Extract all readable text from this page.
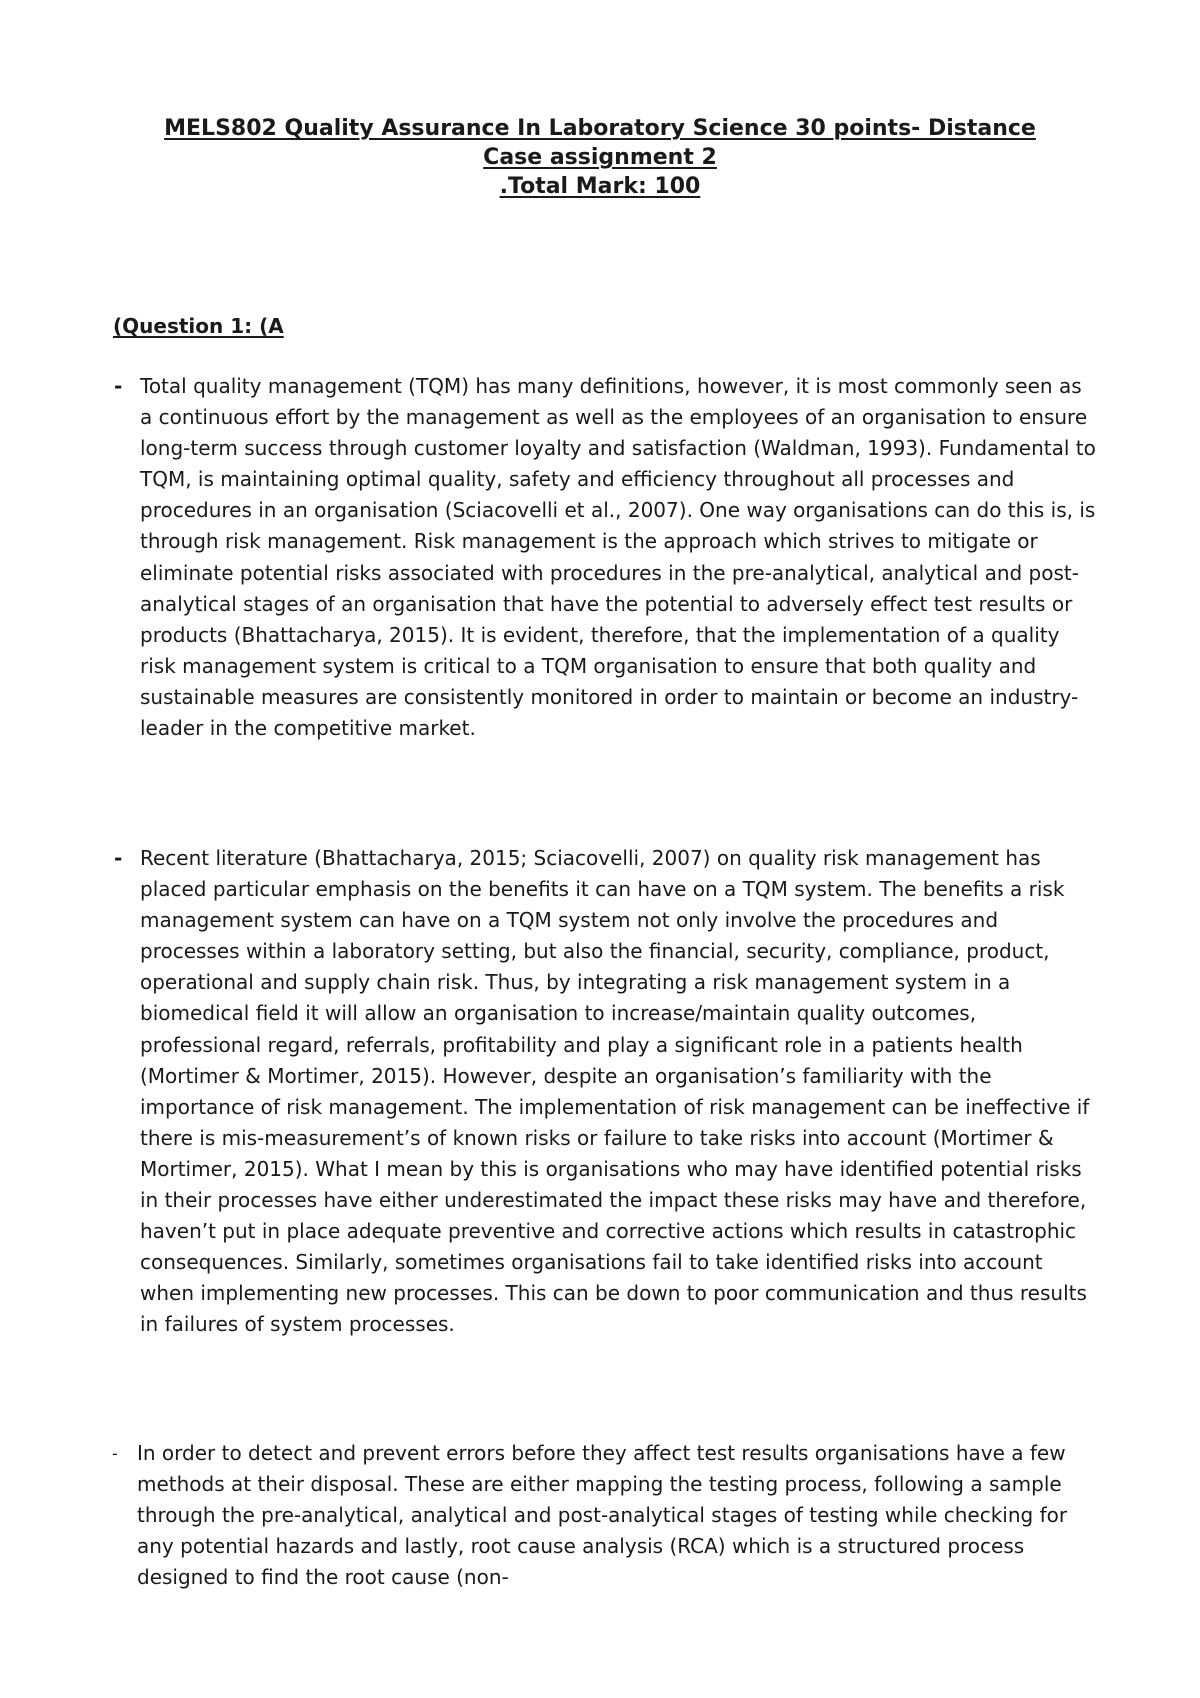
MELS802 Quality Assurance In Laboratory Science 30 points- Distance
Case assignment 2
.Total Mark: 100
(Question 1: (A
- Total quality management (TQM) has many definitions, however, it is most commonly seen as a continuous effort by the management as well as the employees of an organisation to ensure long-term success through customer loyalty and satisfaction (Waldman, 1993). Fundamental to TQM, is maintaining optimal quality, safety and efficiency throughout all processes and procedures in an organisation (Sciacovelli et al., 2007). One way organisations can do this is, is through risk management. Risk management is the approach which strives to mitigate or eliminate potential risks associated with procedures in the pre-analytical, analytical and post-analytical stages of an organisation that have the potential to adversely effect test results or products (Bhattacharya, 2015). It is evident, therefore, that the implementation of a quality risk management system is critical to a TQM organisation to ensure that both quality and sustainable measures are consistently monitored in order to maintain or become an industry-leader in the competitive market.
- Recent literature (Bhattacharya, 2015; Sciacovelli, 2007) on quality risk management has placed particular emphasis on the benefits it can have on a TQM system. The benefits a risk management system can have on a TQM system not only involve the procedures and processes within a laboratory setting, but also the financial, security, compliance, product, operational and supply chain risk. Thus, by integrating a risk management system in a biomedical field it will allow an organisation to increase/maintain quality outcomes, professional regard, referrals, profitability and play a significant role in a patients health (Mortimer & Mortimer, 2015). However, despite an organisation’s familiarity with the importance of risk management. The implementation of risk management can be ineffective if there is mis-measurement’s of known risks or failure to take risks into account (Mortimer & Mortimer, 2015). What I mean by this is organisations who may have identified potential risks in their processes have either underestimated the impact these risks may have and therefore, haven’t put in place adequate preventive and corrective actions which results in catastrophic consequences. Similarly, sometimes organisations fail to take identified risks into account when implementing new processes. This can be down to poor communication and thus results in failures of system processes.
- In order to detect and prevent errors before they affect test results organisations have a few methods at their disposal. These are either mapping the testing process, following a sample through the pre-analytical, analytical and post-analytical stages of testing while checking for any potential hazards and lastly, root cause analysis (RCA) which is a structured process designed to find the root cause (non-
